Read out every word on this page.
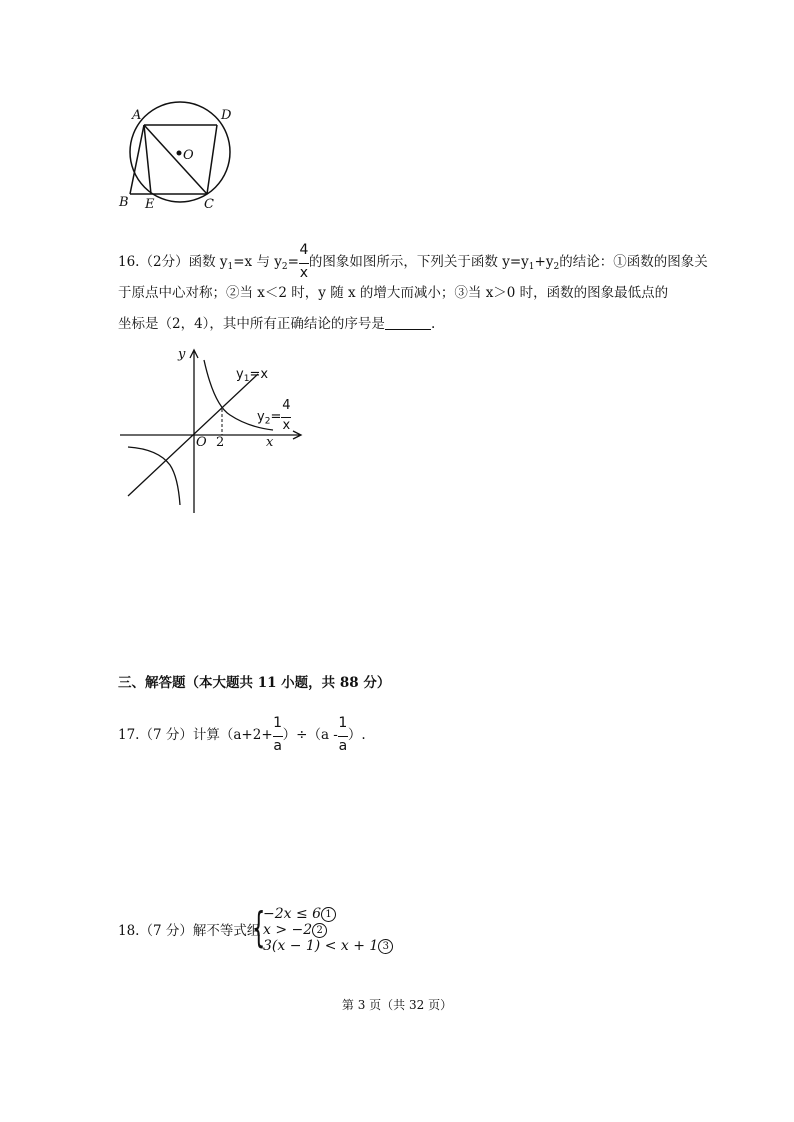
A	D
O
B E	C
16.（2分）函数 $y_1=x$ 与 $y_2= \frac{4}{x}$ 的图象如图所示，下列关于函数 $y=y_1+y_2$的结论：①函数的图象关
于原点中心对称；②当 x＜2 时，y 随 x 的增大而减小；③当 x＞0 时，函数的图象最低点的
坐标是（2，4），其中所有正确结论的序号是	.
y
x
O 2
$y_1=x$
$y_2= \frac{4}{x}$
三、解答题（本大题共 11 小题，共 88 分）
17.（7 分）计算$(a+2+ \frac{1}{a} )\div(a - \frac{1}{a}$ ）.
18.（7 分）解不等式组
{
−2x ≤ 6 1
x > −2 2
3(x − 1) < x + 1 3
第 3 页（共 32 页）
